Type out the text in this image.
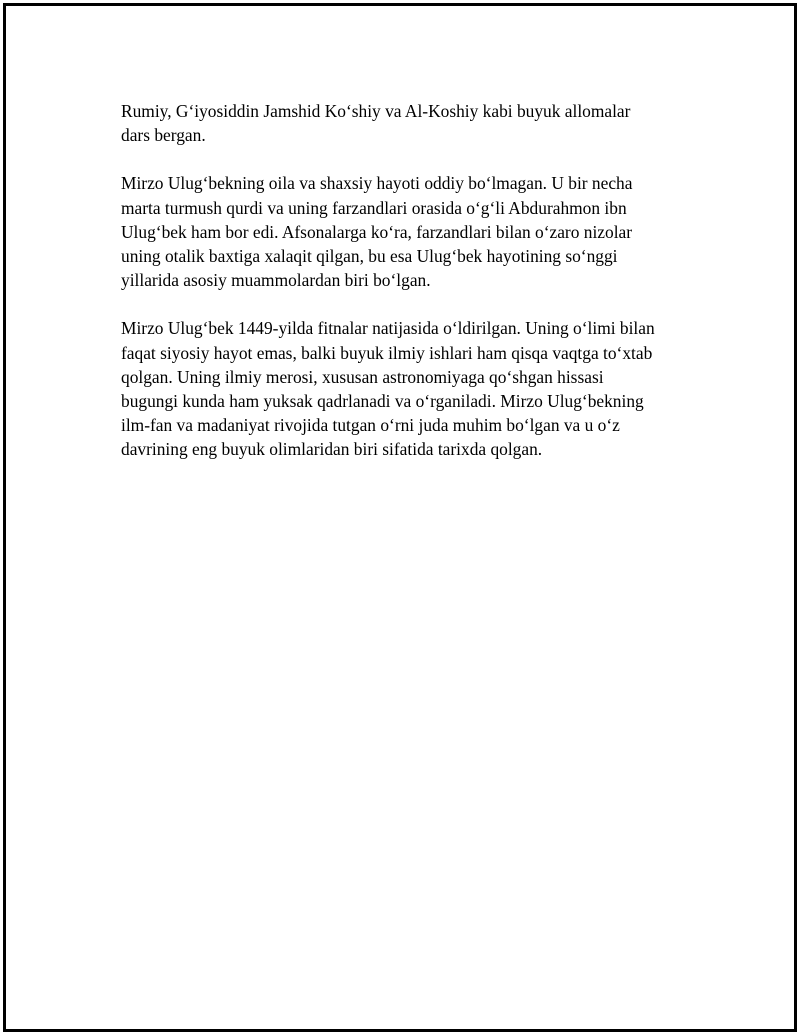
Rumiy, G‘iyosiddin Jamshid Ko‘shiy va Al-Koshiy kabi buyuk allomalar
dars bergan.

Mirzo Ulug‘bekning oila va shaxsiy hayoti oddiy bo‘lmagan. U bir necha
marta turmush qurdi va uning farzandlari orasida o‘g‘li Abdurahmon ibn
Ulug‘bek ham bor edi. Afsonalarga ko‘ra, farzandlari bilan o‘zaro nizolar
uning otalik baxtiga xalaqit qilgan, bu esa Ulug‘bek hayotining so‘nggi
yillarida asosiy muammolardan biri bo‘lgan.

Mirzo Ulug‘bek 1449-yilda fitnalar natijasida o‘ldirilgan. Uning o‘limi bilan
faqat siyosiy hayot emas, balki buyuk ilmiy ishlari ham qisqa vaqtga to‘xtab
qolgan. Uning ilmiy merosi, xususan astronomiyaga qo‘shgan hissasi
bugungi kunda ham yuksak qadrlanadi va o‘rganiladi. Mirzo Ulug‘bekning
ilm-fan va madaniyat rivojida tutgan o‘rni juda muhim bo‘lgan va u o‘z
davrining eng buyuk olimlaridan biri sifatida tarixda qolgan.
